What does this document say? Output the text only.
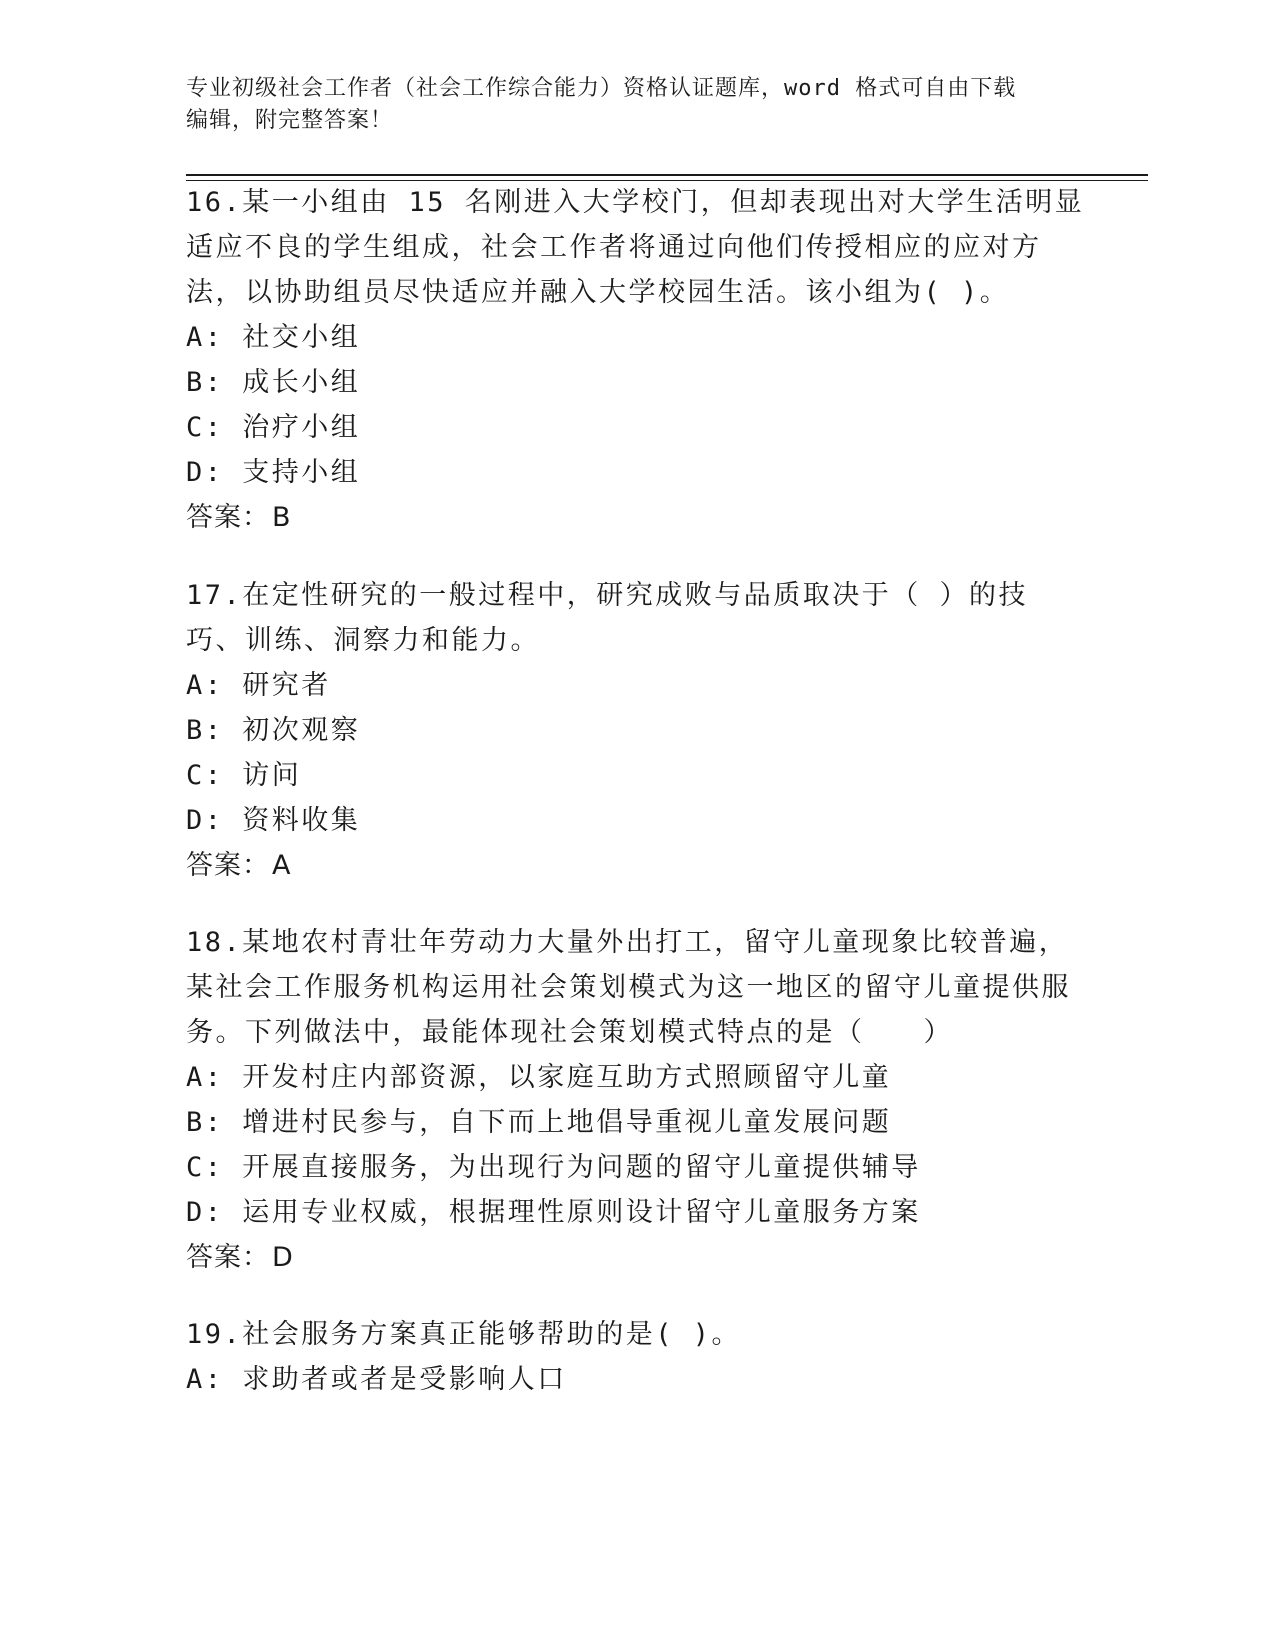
专业初级社会工作者（社会工作综合能力）资格认证题库，word 格式可自由下载
编辑，附完整答案！
16.某一小组由 15 名刚进入大学校门，但却表现出对大学生活明显适应不良的学生组成，社会工作者将通过向他们传授相应的应对方法，以协助组员尽快适应并融入大学校园生活。该小组为( )。
A: 社交小组
B: 成长小组
C: 治疗小组
D: 支持小组
答案：B
17.在定性研究的一般过程中，研究成败与品质取决于（ ）的技巧、训练、洞察力和能力。
A: 研究者
B: 初次观察
C: 访问
D: 资料收集
答案：A
18.某地农村青壮年劳动力大量外出打工，留守儿童现象比较普遍，某社会工作服务机构运用社会策划模式为这一地区的留守儿童提供服务。下列做法中，最能体现社会策划模式特点的是（　　）
A: 开发村庄内部资源，以家庭互助方式照顾留守儿童
B: 增进村民参与，自下而上地倡导重视儿童发展问题
C: 开展直接服务，为出现行为问题的留守儿童提供辅导
D: 运用专业权威，根据理性原则设计留守儿童服务方案
答案：D
19.社会服务方案真正能够帮助的是( )。
A: 求助者或者是受影响人口
